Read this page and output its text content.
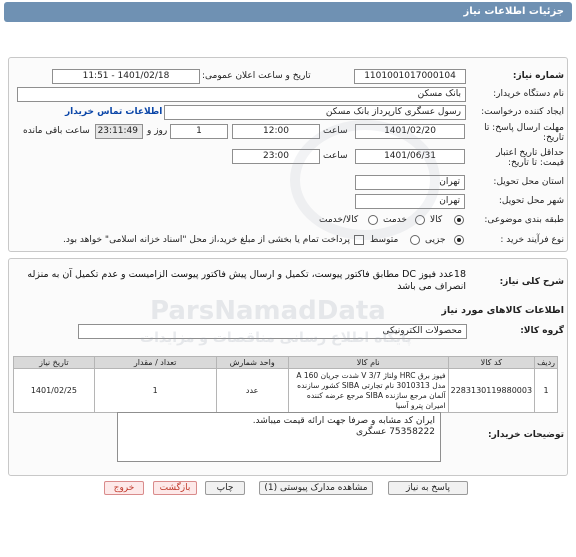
جزئیات اطلاعات نیاز
شماره نیاز:
1101001017000104
تاریخ و ساعت اعلان عمومی:
1401/02/18 - 11:51
نام دستگاه خریدار:
بانک مسکن
ایجاد کننده درخواست:
رسول عسگری کارپرداز بانک مسکن
اطلاعات تماس خریدار
مهلت ارسال پاسخ: تا تاریخ:
1401/02/20
ساعت
12:00
1
روز و
23:11:49
ساعت باقی مانده
حداقل تاریخ اعتبار قیمت: تا تاریخ:
1401/06/31
ساعت
23:00
استان محل تحویل:
تهران
شهر محل تحویل:
تهران
طبقه بندی موضوعی:
کالا
خدمت
کالا/خدمت
نوع فرآیند خرید :
جزیی
متوسط
پرداخت تمام یا بخشی از مبلغ خرید،از محل "اسناد خزانه اسلامی" خواهد بود.
شرح کلی نیاز:
18عدد فیوز DC مطابق فاکتور پیوست، تکمیل و ارسال پیش فاکتور پیوست الزامیست و عدم تکمیل آن به منزله انصراف می باشد
اطلاعات کالاهای مورد نیاز
گروه کالا:
محصولات الکترونیکی
ردیف	کد کالا	نام کالا	واحد شمارش	تعداد / مقدار	تاریخ نیاز
1	2283130119880003	فیوز برق HRC ولتاژ V 3/7 شدت جریان A 160 مدل 3010313 نام تجارتی SIBA کشور سازنده آلمان مرجع سازنده SIBA مرجع عرضه کننده امیران پترو آسیا	عدد	1	1401/02/25
توضیحات خریدار:
ایران کد مشابه و صرفا جهت ارائه قیمت میباشد.
75358222 عسگری
ParsNamadData
پایگاه اطلاع رسانی مناقصات و مزایدات
پاسخ به نیاز
مشاهده مدارک پیوستی (1)
چاپ
بازگشت
خروج
